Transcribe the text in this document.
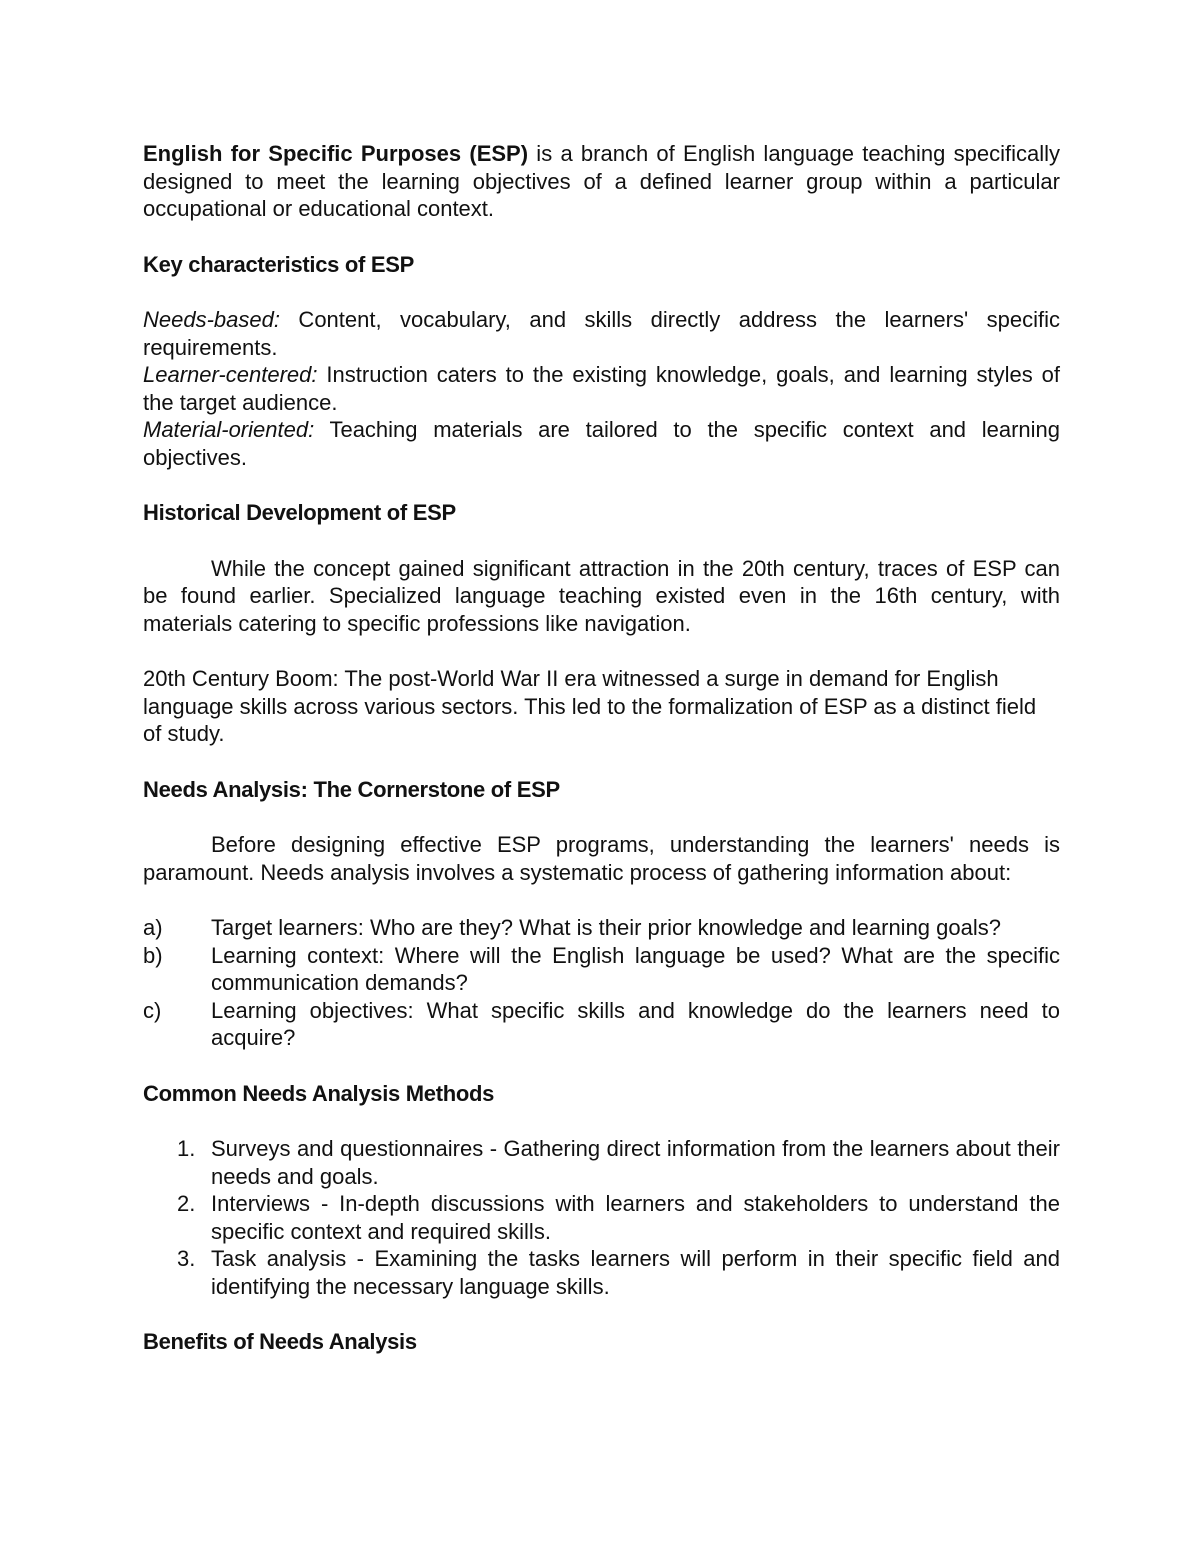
English for Specific Purposes (ESP) is a branch of English language teaching specifically designed to meet the learning objectives of a defined learner group within a particular occupational or educational context.

Key characteristics of ESP

Needs-based: Content, vocabulary, and skills directly address the learners' specific requirements.

Learner-centered: Instruction caters to the existing knowledge, goals, and learning styles of the target audience.

Material-oriented: Teaching materials are tailored to the specific context and learning objectives.

Historical Development of ESP

While the concept gained significant attraction in the 20th century, traces of ESP can be found earlier. Specialized language teaching existed even in the 16th century, with materials catering to specific professions like navigation.

20th Century Boom: The post-World War II era witnessed a surge in demand for English language skills across various sectors. This led to the formalization of ESP as a distinct field of study.

Needs Analysis: The Cornerstone of ESP

Before designing effective ESP programs, understanding the learners' needs is paramount. Needs analysis involves a systematic process of gathering information about:

a)	Target learners: Who are they? What is their prior knowledge and learning goals?
b)	Learning context: Where will the English language be used? What are the specific communication demands?
c)	Learning objectives: What specific skills and knowledge do the learners need to acquire?

Common Needs Analysis Methods

1. Surveys and questionnaires - Gathering direct information from the learners about their needs and goals.
2. Interviews - In-depth discussions with learners and stakeholders to understand the specific context and required skills.
3. Task analysis - Examining the tasks learners will perform in their specific field and identifying the necessary language skills.

Benefits of Needs Analysis
